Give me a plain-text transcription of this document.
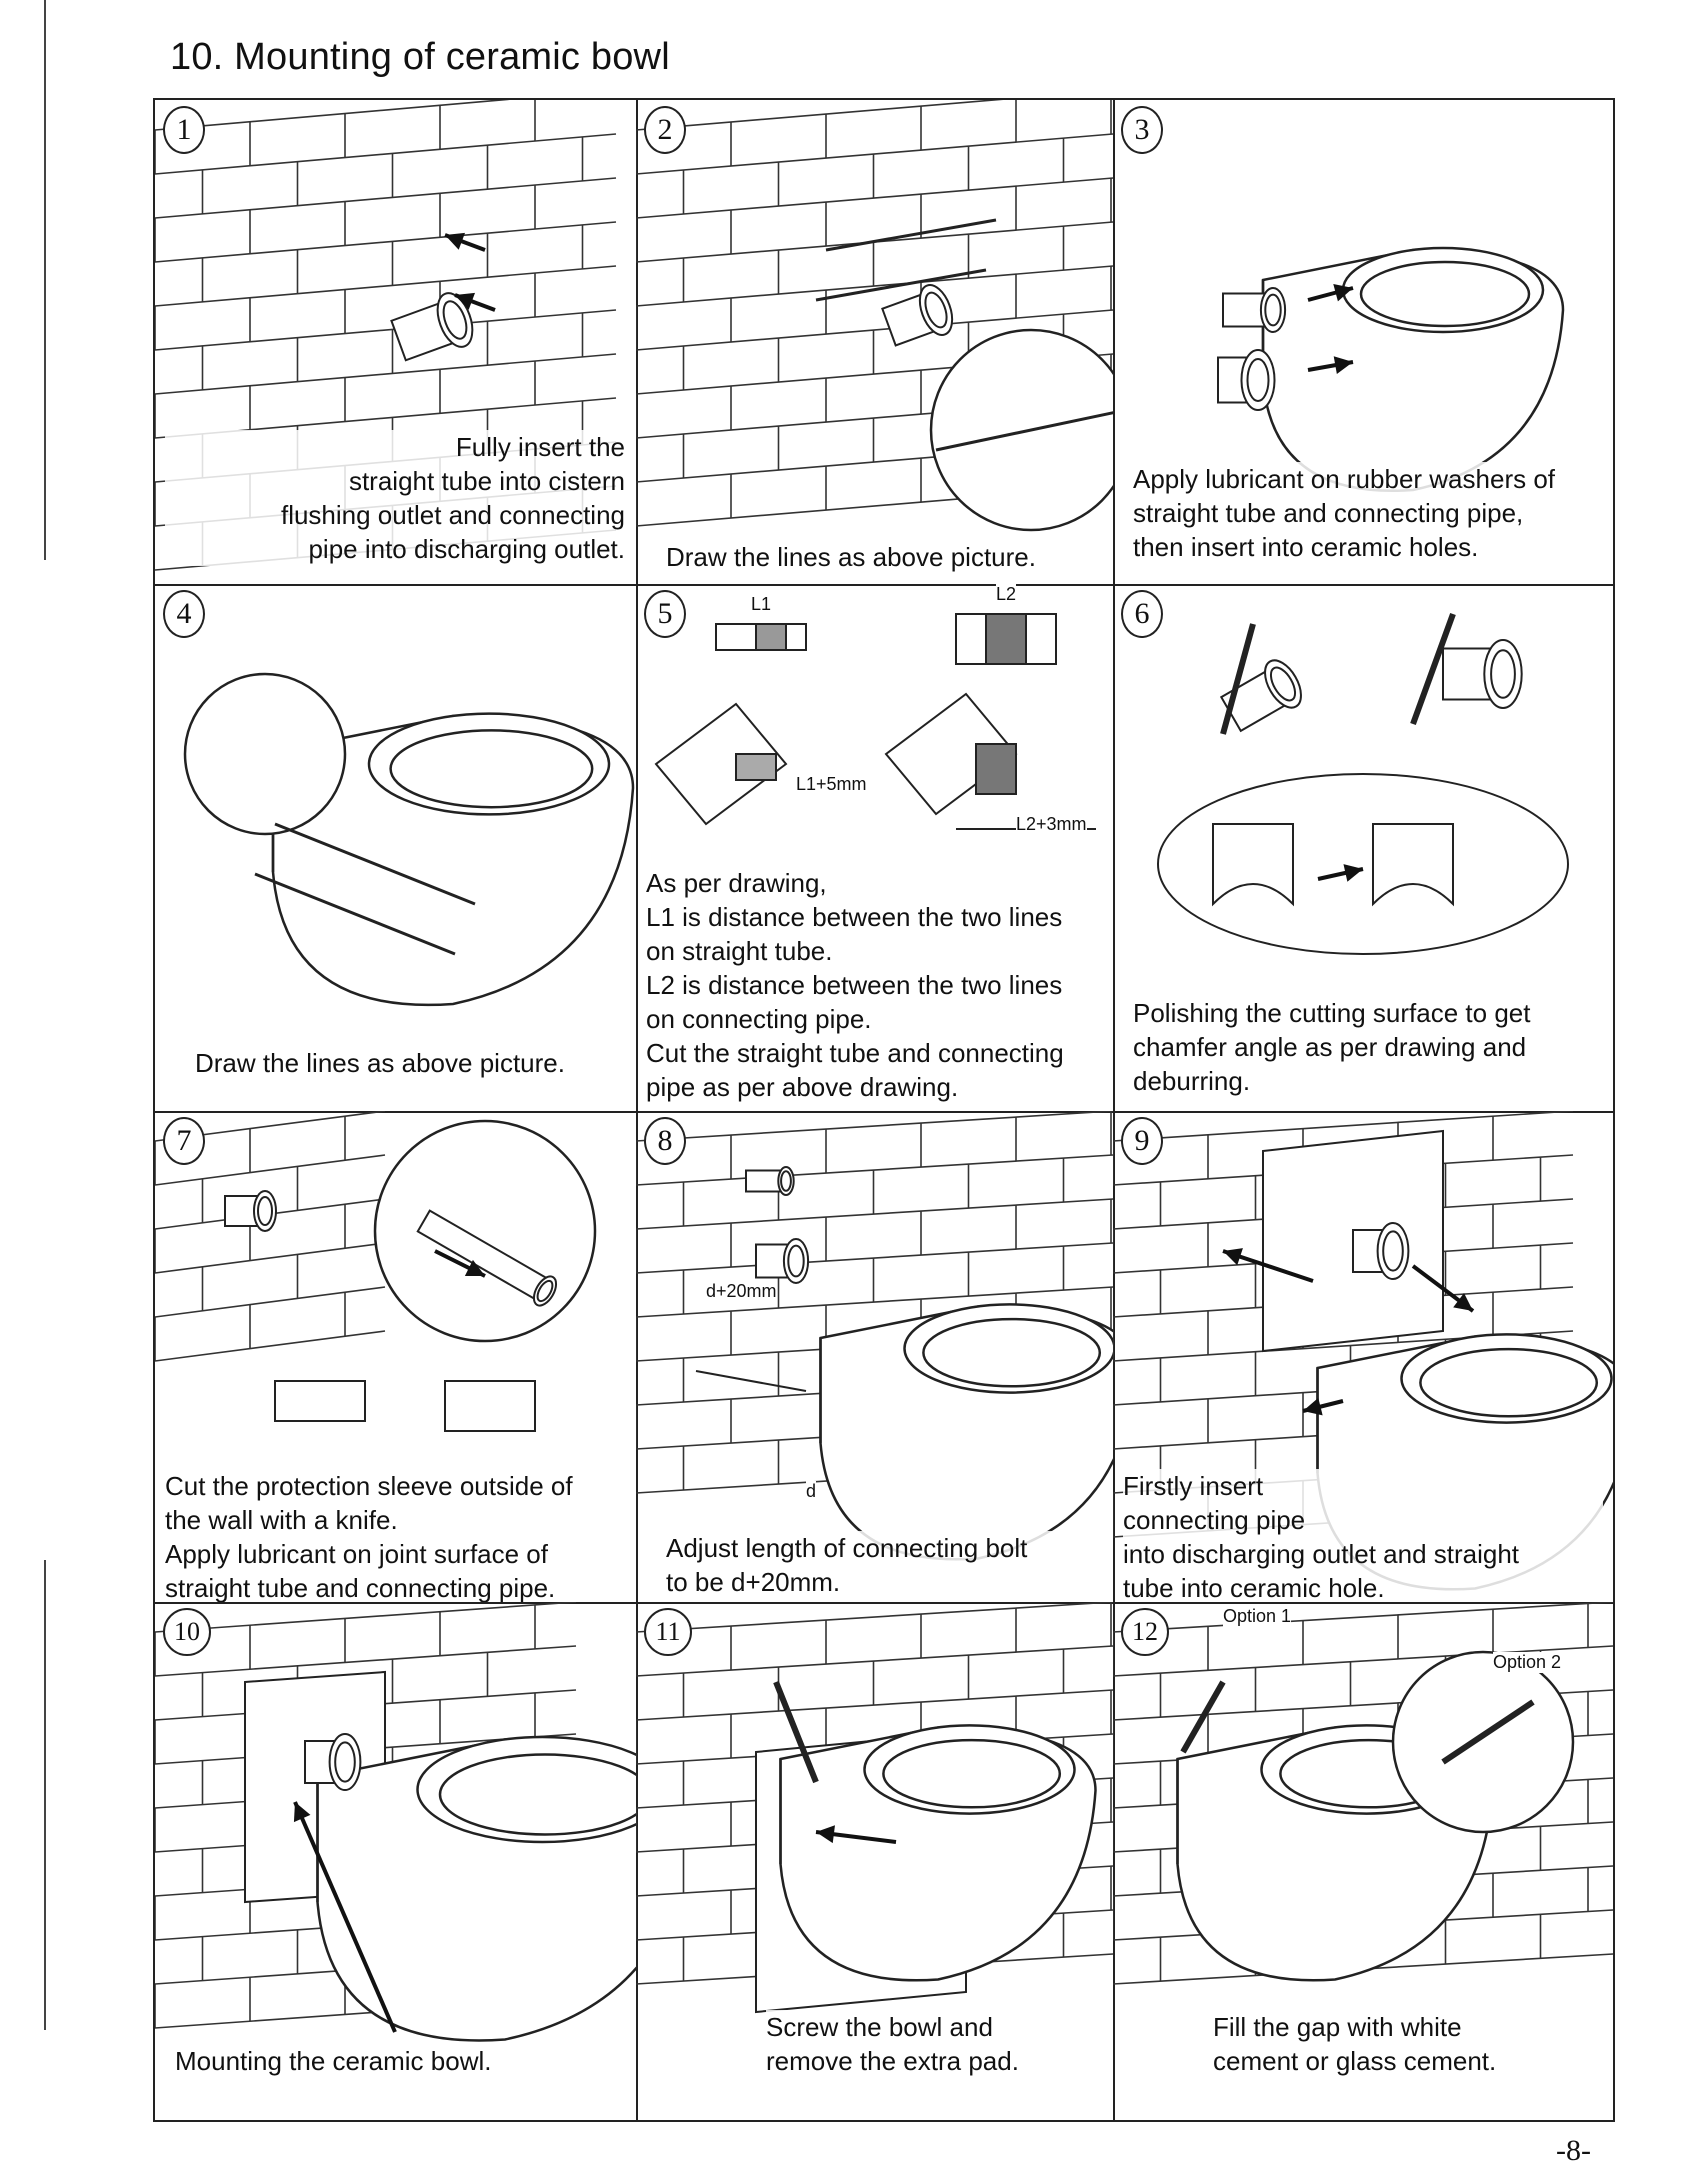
10. Mounting of ceramic bowl
1
Fully insert the
straight tube into cistern
flushing outlet and connecting
pipe into discharging outlet.
2
Draw the lines as above picture.
3
Apply lubricant on rubber washers of
straight tube and connecting pipe,
then insert into ceramic holes.
4
Draw the lines as above picture.
5
As per drawing,
L1 is distance between the two lines
on straight tube.
L2 is distance between the two lines
on connecting pipe.
Cut the straight tube and connecting
pipe as per above drawing.
L1	L2
L1+5mm
L2+3mm
6
Polishing the cutting surface to get
chamfer angle as per drawing and
deburring.
7
Cut the protection sleeve outside of
the wall with a knife.
Apply lubricant on joint surface of
straight tube and connecting pipe.
8
Adjust length of connecting bolt
to be d+20mm.
d+20mm
d
9
Firstly insert
connecting pipe
into discharging outlet and straight
tube into ceramic hole.
10
Mounting the ceramic bowl.
11
Screw the bowl and
remove the extra pad.
12
Fill the gap with white
cement or glass cement.
Option 1
Option 2
-8-
